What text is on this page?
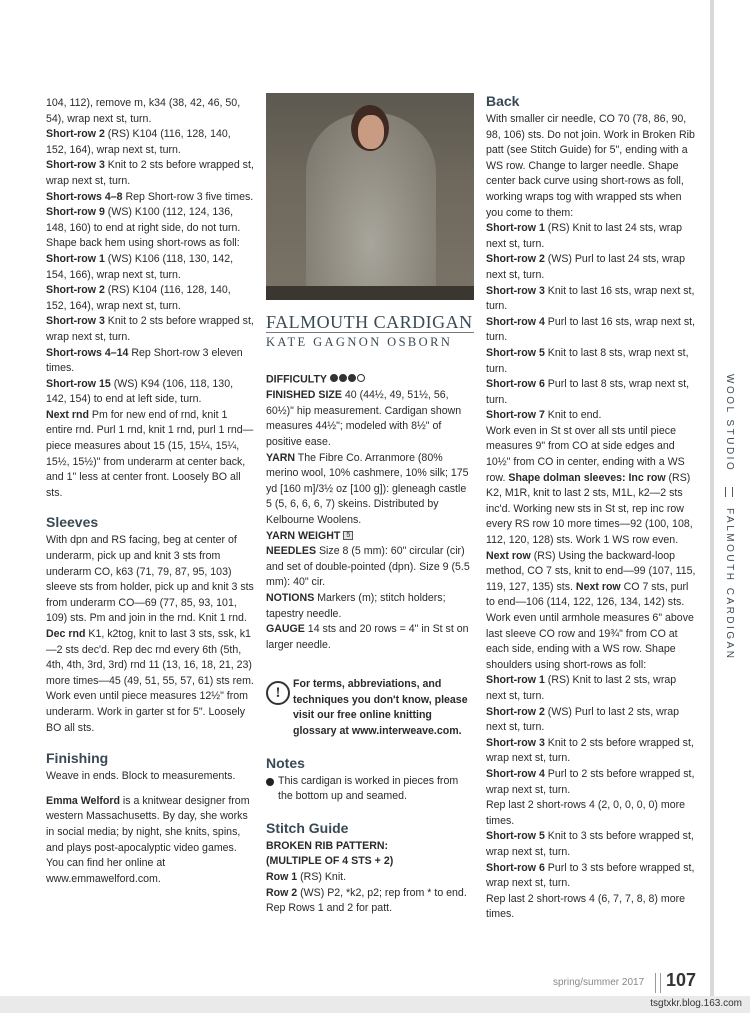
104, 112), remove m, k34 (38, 42, 46, 50, 54), wrap next st, turn.

Short-row 2 (RS) K104 (116, 128, 140, 152, 164), wrap next st, turn.

Short-row 3 Knit to 2 sts before wrapped st, wrap next st, turn.

Short-rows 4–8 Rep Short-row 3 five times.

Short-row 9 (WS) K100 (112, 124, 136, 148, 160) to end at right side, do not turn.

Shape back hem using short-rows as foll:

Short-row 1 (WS) K106 (118, 130, 142, 154, 166), wrap next st, turn.

Short-row 2 (RS) K104 (116, 128, 140, 152, 164), wrap next st, turn.

Short-row 3 Knit to 2 sts before wrapped st, wrap next st, turn.

Short-rows 4–14 Rep Short-row 3 eleven times.

Short-row 15 (WS) K94 (106, 118, 130, 142, 154) to end at left side, turn.

Next rnd Pm for new end of rnd, knit 1 entire rnd. Purl 1 rnd, knit 1 rnd, purl 1 rnd—piece measures about 15 (15, 15¼, 15¼, 15½, 15½)" from underarm at center back, and 1" less at center front. Loosely BO all sts.

Sleeves

With dpn and RS facing, beg at center of underarm, pick up and knit 3 sts from underarm CO, k63 (71, 79, 87, 95, 103) sleeve sts from holder, pick up and knit 3 sts from underarm CO—69 (77, 85, 93, 101, 109) sts. Pm and join in the rnd. Knit 1 rnd. Dec rnd K1, k2tog, knit to last 3 sts, ssk, k1—2 sts dec'd. Rep dec rnd every 6th (5th, 4th, 4th, 3rd, 3rd) rnd 11 (13, 16, 18, 21, 23) more times—45 (49, 51, 55, 57, 61) sts rem. Work even until piece measures 12½" from underarm. Work in garter st for 5". Loosely BO all sts.

Finishing

Weave in ends. Block to measurements.

Emma Welford is a knitwear designer from western Massachusetts. By day, she works in social media; by night, she knits, spins, and plays post-apocalyptic video games. You can find her online at www.emmawelford.com.

FALMOUTH CARDIGAN
KATE GAGNON OSBORN

DIFFICULTY

FINISHED SIZE 40 (44½, 49, 51½, 56, 60½)" hip measurement. Cardigan shown measures 44½"; modeled with 8½" of positive ease.

YARN The Fibre Co. Arranmore (80% merino wool, 10% cashmere, 10% silk; 175 yd [160 m]/3½ oz [100 g]): gleneagh castle 5 (5, 6, 6, 6, 7) skeins. Distributed by Kelbourne Woolens.

YARN WEIGHT 5

NEEDLES Size 8 (5 mm): 60" circular (cir) and set of double-pointed (dpn). Size 9 (5.5 mm): 40" cir.

NOTIONS Markers (m); stitch holders; tapestry needle.

GAUGE 14 sts and 20 rows = 4" in St st on larger needle.

!
For terms, abbreviations, and techniques you don't know, please visit our free online knitting glossary at www.interweave.com.
Notes
This cardigan is worked in pieces from the bottom up and seamed.
Stitch Guide

BROKEN RIB PATTERN:

(MULTIPLE OF 4 STS + 2)

Row 1 (RS) Knit.

Row 2 (WS) P2, *k2, p2; rep from * to end.

Rep Rows 1 and 2 for patt.

Back

With smaller cir needle, CO 70 (78, 86, 90, 98, 106) sts. Do not join. Work in Broken Rib patt (see Stitch Guide) for 5", ending with a WS row. Change to larger needle. Shape center back curve using short-rows as foll, working wraps tog with wrapped sts when you come to them:

Short-row 1 (RS) Knit to last 24 sts, wrap next st, turn.

Short-row 2 (WS) Purl to last 24 sts, wrap next st, turn.

Short-row 3 Knit to last 16 sts, wrap next st, turn.

Short-row 4 Purl to last 16 sts, wrap next st, turn.

Short-row 5 Knit to last 8 sts, wrap next st, turn.

Short-row 6 Purl to last 8 sts, wrap next st, turn.

Short-row 7 Knit to end.

Work even in St st over all sts until piece measures 9" from CO at side edges and 10½" from CO in center, ending with a WS row. Shape dolman sleeves: Inc row (RS) K2, M1R, knit to last 2 sts, M1L, k2—2 sts inc'd. Working new sts in St st, rep inc row every RS row 10 more times—92 (100, 108, 112, 120, 128) sts. Work 1 WS row even. Next row (RS) Using the backward-loop method, CO 7 sts, knit to end—99 (107, 115, 119, 127, 135) sts. Next row CO 7 sts, purl to end—106 (114, 122, 126, 134, 142) sts. Work even until armhole measures 6" above last sleeve CO row and 19¾" from CO at each side, ending with a WS row. Shape shoulders using short-rows as foll:

Short-row 1 (RS) Knit to last 2 sts, wrap next st, turn.

Short-row 2 (WS) Purl to last 2 sts, wrap next st, turn.

Short-row 3 Knit to 2 sts before wrapped st, wrap next st, turn.

Short-row 4 Purl to 2 sts before wrapped st, wrap next st, turn.

Rep last 2 short-rows 4 (2, 0, 0, 0, 0) more times.

Short-row 5 Knit to 3 sts before wrapped st, wrap next st, turn.

Short-row 6 Purl to 3 sts before wrapped st, wrap next st, turn.

Rep last 2 short-rows 4 (6, 7, 7, 8, 8) more times.

WOOL STUDIO
FALMOUTH CARDIGAN
spring/summer 2017 107
tsgtxkr.blog.163.com
